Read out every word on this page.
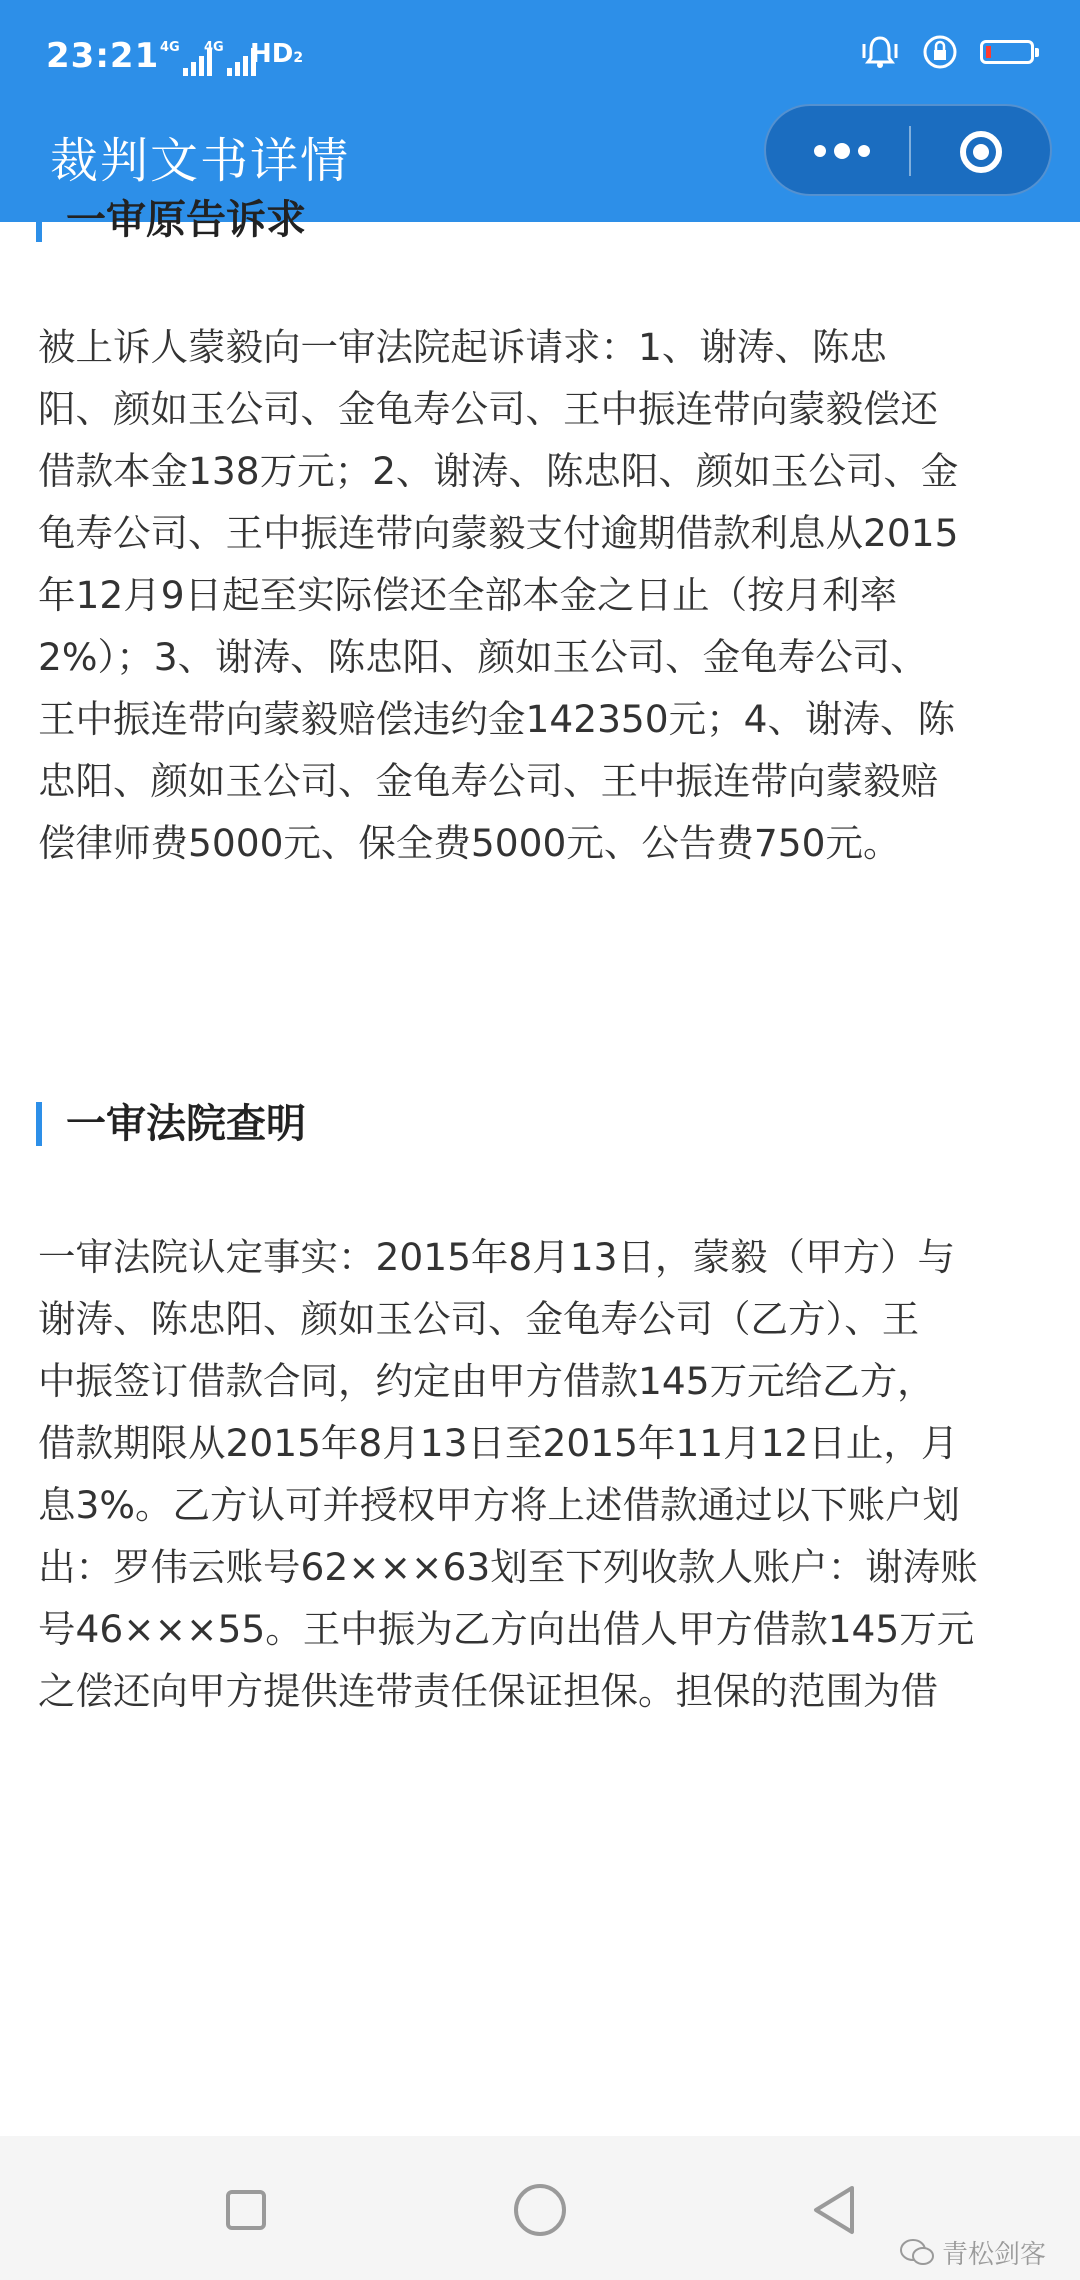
23:21 4G 4G HD2
裁判文书详情
一审原告诉求
被上诉人蒙毅向一审法院起诉请求：1、谢涛、陈忠
阳、颜如玉公司、金龟寿公司、王中振连带向蒙毅偿还
借款本金138万元；2、谢涛、陈忠阳、颜如玉公司、金
龟寿公司、王中振连带向蒙毅支付逾期借款利息从2015
年12月9日起至实际偿还全部本金之日止（按月利率
2%）；3、谢涛、陈忠阳、颜如玉公司、金龟寿公司、
王中振连带向蒙毅赔偿违约金142350元；4、谢涛、陈
忠阳、颜如玉公司、金龟寿公司、王中振连带向蒙毅赔
偿律师费5000元、保全费5000元、公告费750元。
一审法院查明
一审法院认定事实：2015年8月13日，蒙毅（甲方）与
谢涛、陈忠阳、颜如玉公司、金龟寿公司（乙方）、王
中振签订借款合同，约定由甲方借款145万元给乙方，
借款期限从2015年8月13日至2015年11月12日止，月
息3%。乙方认可并授权甲方将上述借款通过以下账户划
出：罗伟云账号62×××63划至下列收款人账户：谢涛账
号46×××55。王中振为乙方向出借人甲方借款145万元
之偿还向甲方提供连带责任保证担保。担保的范围为借
青松剑客
